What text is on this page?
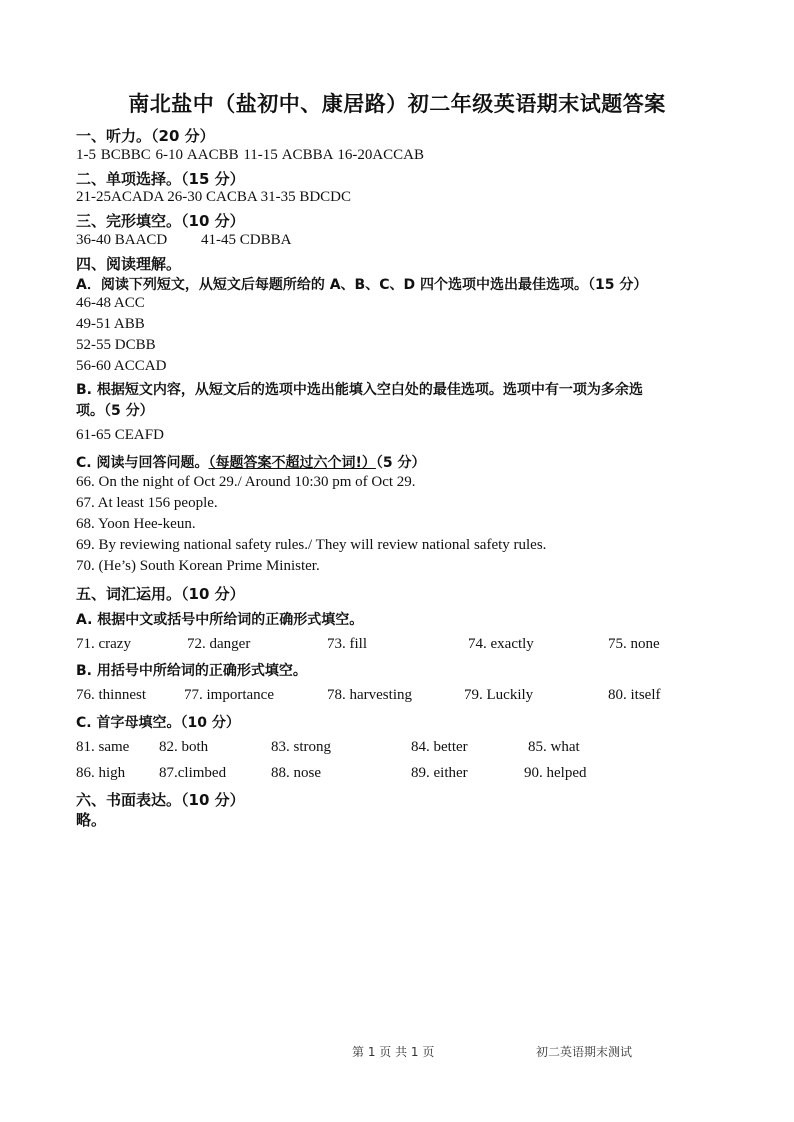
南北盐中（盐初中、康居路）初二年级英语期末试题答案
一、听力。（20 分）
1-5 BCBBC 6-10 AACBB 11-15 ACBBA 16-20ACCAB
二、单项选择。（15 分）
21-25ACADA 26-30 CACBA 31-35 BDCDC
三、完形填空。（10 分）
36-40 BAACD         41-45 CDBBA
四、阅读理解。
A．阅读下列短文，从短文后每题所给的 A、B、C、D 四个选项中选出最佳选项。（15 分）
46-48 ACC
49-51 ABB
52-55 DCBB
56-60 ACCAD
B. 根据短文内容，从短文后的选项中选出能填入空白处的最佳选项。选项中有一项为多余选
项。（5 分）
61-65 CEAFD
C. 阅读与回答问题。（每题答案不超过六个词!）（5 分）
66. On the night of Oct 29./ Around 10:30 pm of Oct 29.
67. At least 156 people.
68. Yoon Hee-keun.
69. By reviewing national safety rules./ They will review national safety rules.
70. (He’s) South Korean Prime Minister.
五、词汇运用。（10 分）
A. 根据中文或括号中所给词的正确形式填空。
71. crazy	72. danger	73. fill	74. exactly	75. none
B. 用括号中所给词的正确形式填空。
76. thinnest	77. importance	78. harvesting	79. Luckily	80. itself
C. 首字母填空。（10 分）
81. same 82. both	83. strong	84. better	85. what
86. high 87.climbed	88. nose	89. either	90. helped
六、书面表达。（10 分）
略。
第 1 页 共 1 页	初二英语期末测试
